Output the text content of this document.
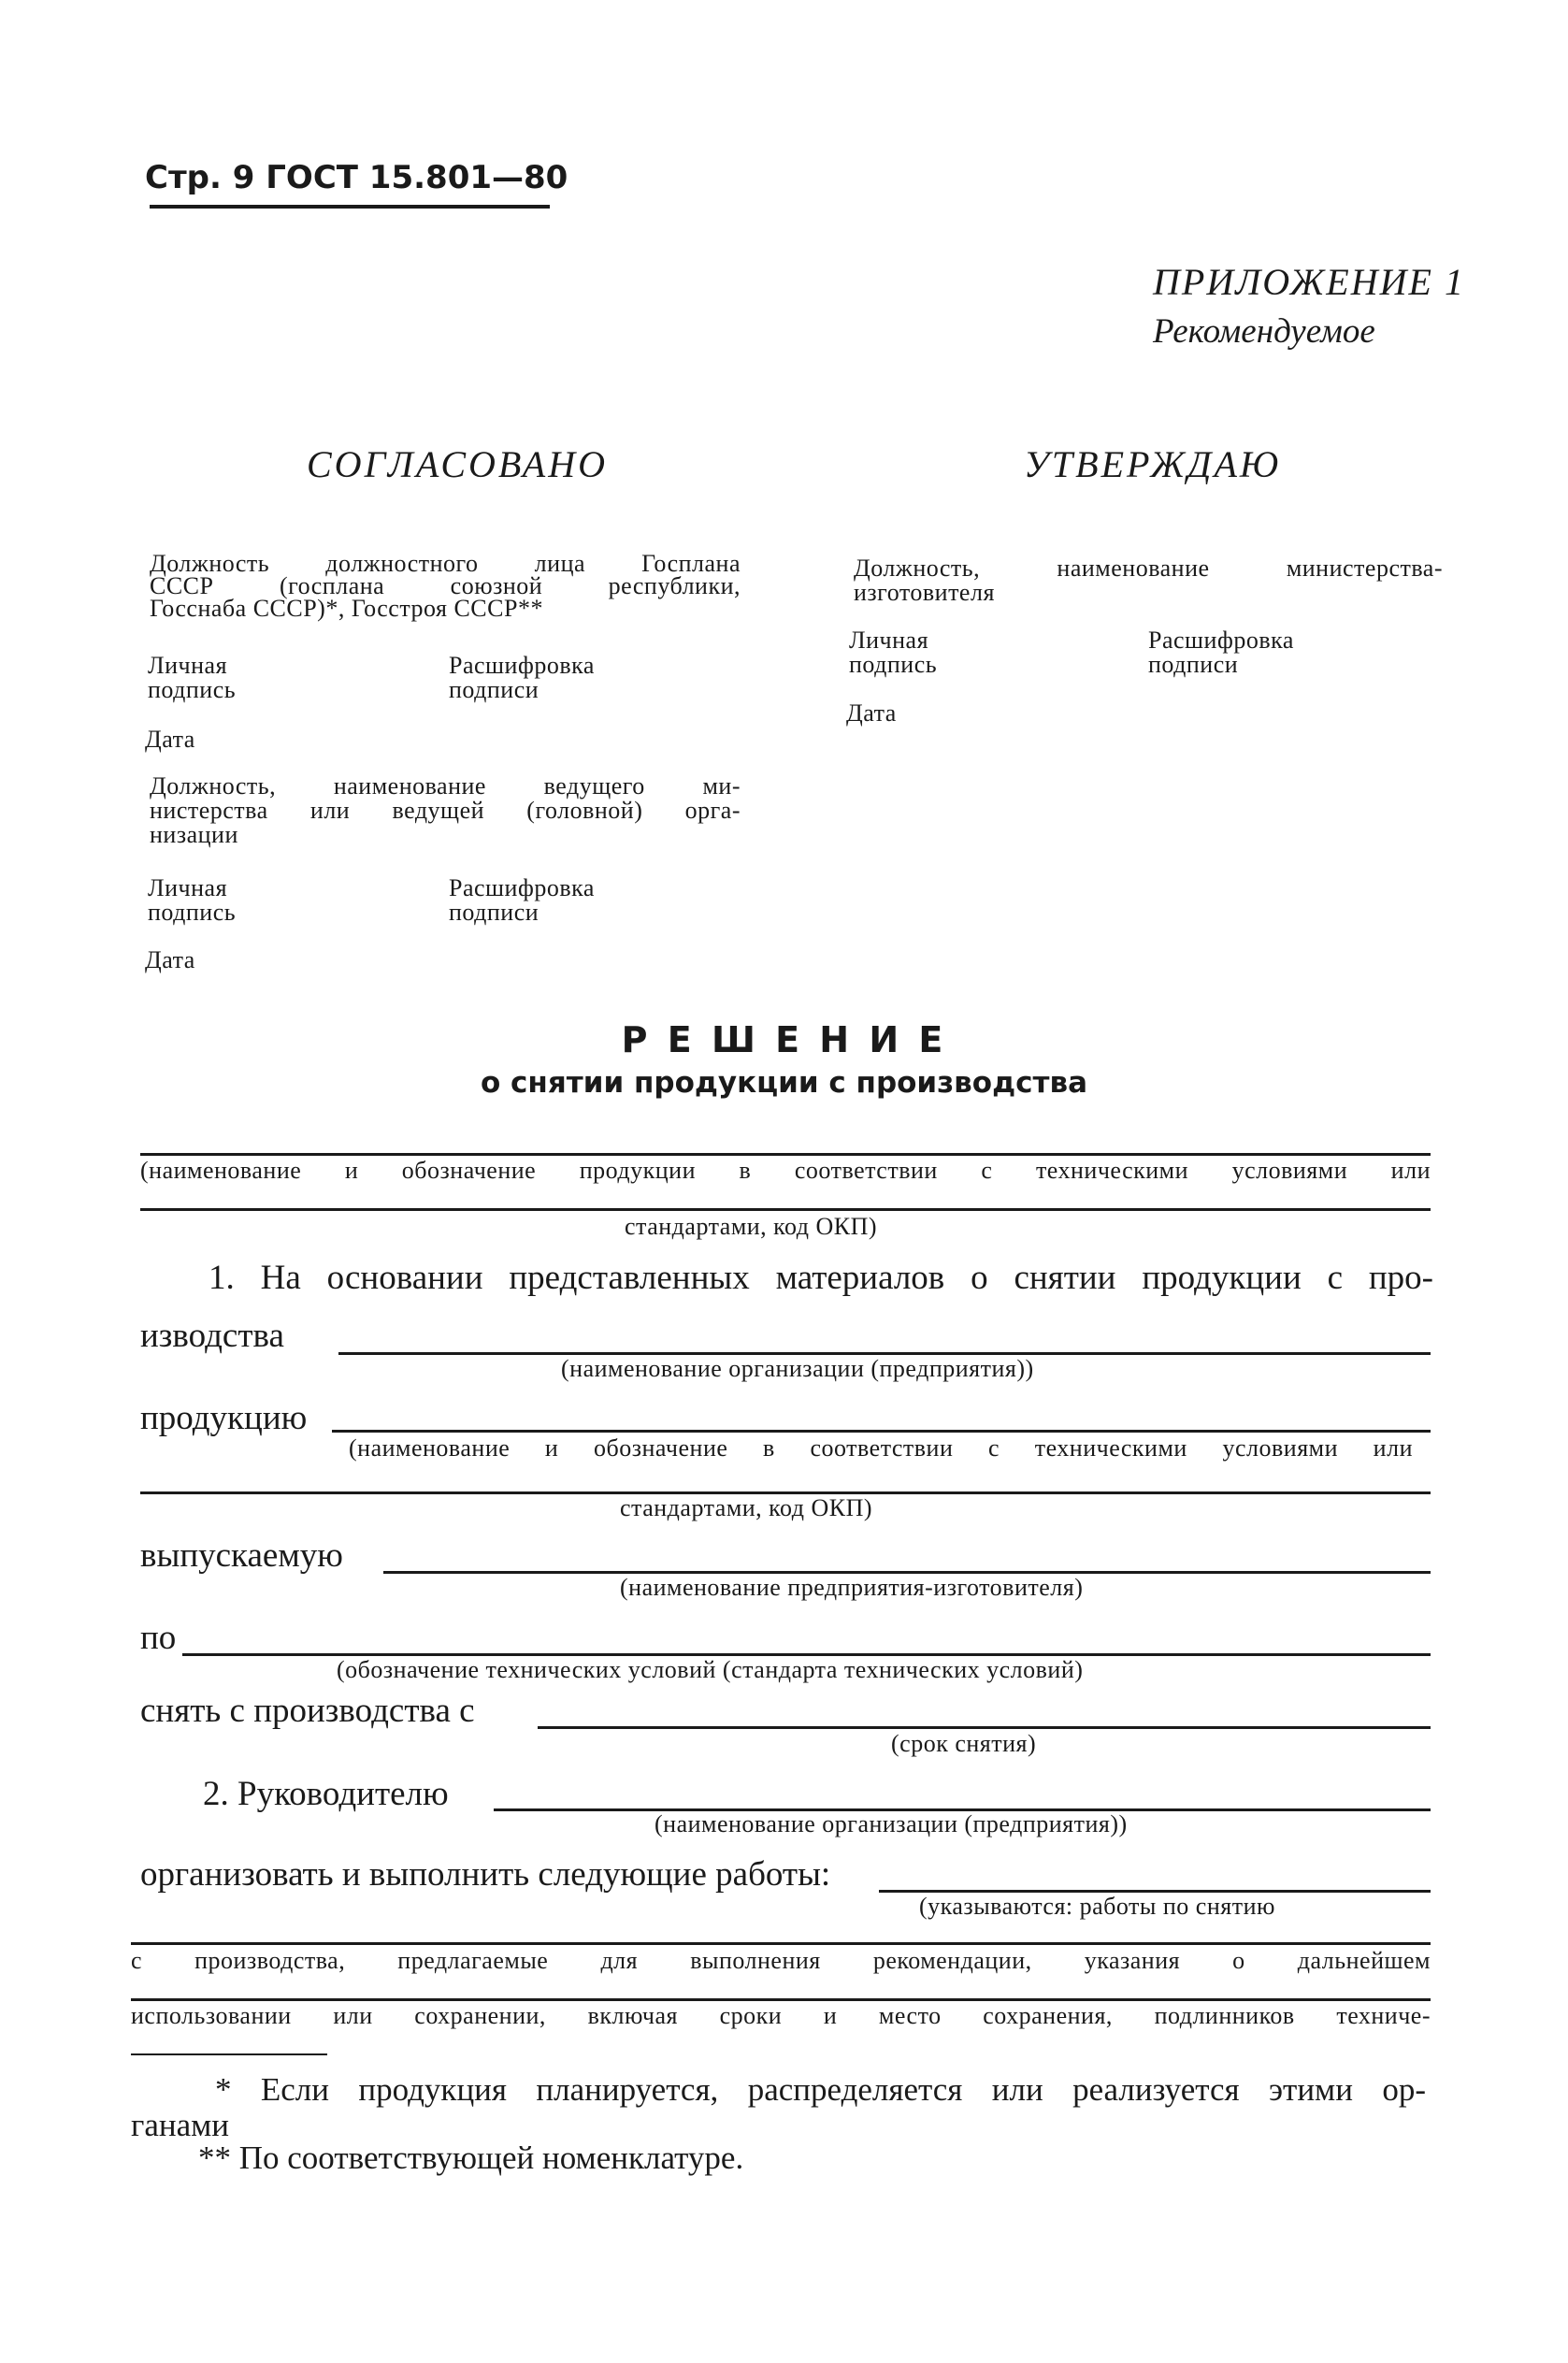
Стр. 9 ГОСТ 15.801—80
ПРИЛОЖЕНИЕ 1
Рекомендуемое
СОГЛАСОВАНО
Должность должностного лица Госплана
СССР (госплана союзной республики,
Госснаба СССР)*, Госстроя СССР**
Личная
подпись
Расшифровка
подписи
Дата
Должность, наименование ведущего ми-
нистерства или ведущей (головной) орга-
низации
Личная
подпись
Расшифровка
подписи
Дата
УТВЕРЖДАЮ
Должность, наименование министерства-
изготовителя
Личная
подпись
Расшифровка
подписи
Дата
Р Е Ш Е Н И Е
о снятии продукции с производства
(наименование и обозначение продукции в соответствии с техническими условиями или
стандартами, код ОКП)
1. На основании представленных материалов о снятии продукции с про-
изводства
(наименование организации (предприятия))
продукцию
(наименование и обозначение в соответствии с техническими условиями или
стандартами, код ОКП)
выпускаемую
(наименование предприятия-изготовителя)
по
(обозначение технических условий (стандарта технических условий)
снять с производства с
(срок снятия)
2. Руководителю
(наименование организации (предприятия))
организовать и выполнить следующие работы:
(указываются: работы по снятию
с производства, предлагаемые для выполнения рекомендации, указания о дальнейшем
использовании или сохранении, включая сроки и место сохранения, подлинников техниче-
* Если продукция планируется, распределяется или реализуется этими ор-
ганами
** По соответствующей номенклатуре.
